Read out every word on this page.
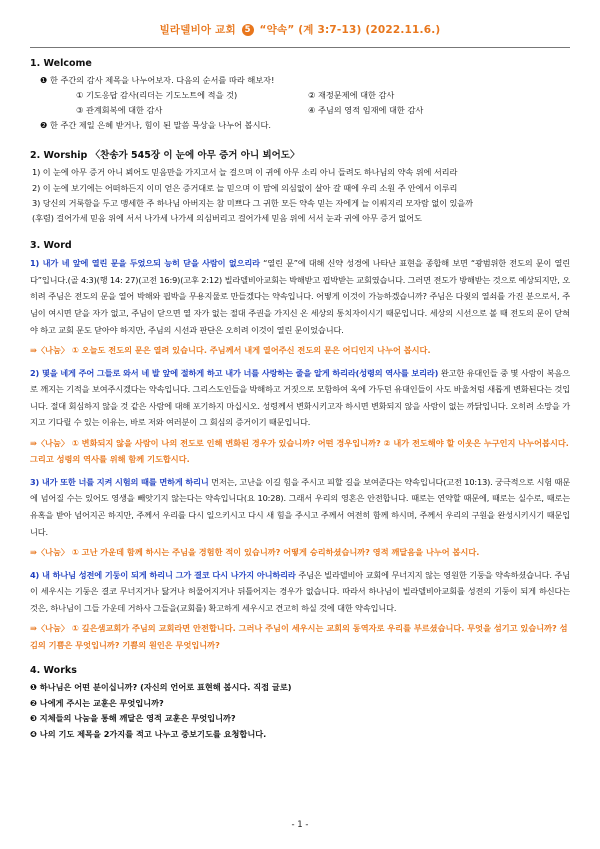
빌라델비아 교회 5 “약속” (계 3:7-13) (2022.11.6.)
1. Welcome
❶ 한 주간의 감사 제목을 나누어보자. 다음의 순서를 따라 해보자!
① 기도응답 감사(리더는 기도노트에 적을 것)	② 재정문제에 대한 감사
③ 관계회복에 대한 감사	④ 주님의 영적 임재에 대한 감사
❷ 한 주간 제일 은혜 받거나, 힘이 된 말씀 묵상을 나누어 봅시다.
2. Worship 〈찬송가 545장 이 눈에 아무 증거 아니 뵈어도〉
1) 이 눈에 아무 증거 아니 뵈어도 믿음만을 가지고서 늘 걸으며 이 귀에 아무 소리 아니 들려도 하나님의 약속 위에 서리라
2) 이 눈에 보기에는 어떠하든지 이미 얻은 증거대로 늘 믿으며 이 맘에 의심없이 살아 갈 때에 우리 소원 주 안에서 이루리
3) 당신의 거룩함을 두고 맹세한 주 하나님 아버지는 참 미쁘다 그 귀한 모든 약속 믿는 자에게 늘 이뤄지리 모자람 없이 있을까
(후렴) 걸어가세 믿음 위에 서서 나가세 나가세 의심버리고 걸어가세 믿음 위에 서서 눈과 귀에 아무 증거 없어도
3. Word
1) 내가 네 앞에 열린 문을 두었으되 능히 닫을 사람이 없으리라 “열린 문”에 대해 신약 성경에 나타난 표현을 종합해 보면 “광범위한 전도의 문이 열린다”입니다.(골 4:3)(행 14: 27)(고전 16:9)(고후 2:12) 빌라델비아교회는 박해받고 핍박받는 교회였습니다. 그러면 전도가 방해받는 것으로 예상되지만, 오히려 주님은 전도의 문을 열어 박해와 핍박을 무용지물로 만들겠다는 약속입니다. 어떻게 이것이 가능하겠습니까? 주님은 다윗의 열쇠를 가진 분으로서, 주님이 여시면 닫을 자가 없고, 주님이 닫으면 열 자가 없는 절대 주권을 가지신 온 세상의 통치자이시기 때문입니다. 세상의 시선으로 볼 때 전도의 문이 닫혀야 하고 교회 문도 닫아야 하지만, 주님의 시선과 판단은 오히려 이것이 열린 문이었습니다.
⇛〈나눔〉 ① 오늘도 전도의 문은 열려 있습니다. 주님께서 내게 열어주신 전도의 문은 어디인지 나누어 봅시다.
2) 몇을 네게 주어 그들로 와서 네 발 앞에 절하게 하고 내가 너를 사랑하는 줄을 알게 하리라(성령의 역사를 보리라) 완고한 유대인들 중 몇 사람이 복음으로 깨지는 기적을 보여주시겠다는 약속입니다. 그리스도인들을 박해하고 거짓으로 모함하여 옥에 가두던 유대인들이 사도 바울처럼 새롭게 변화된다는 것입니다. 절대 회심하지 않을 것 같은 사람에 대해 포기하지 마십시오. 성령께서 변화시키고자 하시면 변화되지 않을 사람이 없는 까닭입니다. 오히려 소망을 가지고 기다릴 수 있는 이유는, 바로 저와 여러분이 그 회심의 증거이기 때문입니다.
⇛〈나눔〉 ① 변화되지 않을 사람이 나의 전도로 인해 변화된 경우가 있습니까? 어떤 경우입니까? ② 내가 전도해야 할 이웃은 누구인지 나누어봅시다. 그리고 성령의 역사를 위해 함께 기도합시다.
3) 내가 또한 너를 지켜 시험의 때를 면하게 하리니 먼저는, 고난을 이길 힘을 주시고 피할 길을 보여준다는 약속입니다(고전 10:13). 궁극적으로 시험 때문에 넘어질 수는 있어도 영생을 빼앗기지 않는다는 약속입니다(요 10:28). 그래서 우리의 영혼은 안전합니다. 때로는 연약할 때문에, 때로는 실수로, 때로는 유혹을 받아 넘어지곤 하지만, 주께서 우리를 다시 일으키시고 다시 새 힘을 주시고 주께서 여전히 함께 하시며, 주께서 우리의 구원을 완성시키시기 때문입니다.
⇛〈나눔〉 ① 고난 가운데 함께 하시는 주님을 경험한 적이 있습니까? 어떻게 승리하셨습니까? 영적 깨달음을 나누어 봅시다.
4) 내 하나님 성전에 기둥이 되게 하리니 그가 결코 다시 나가지 아니하리라 주님은 빌라델비아 교회에 무너지지 않는 영원한 기둥을 약속하셨습니다. 주님이 세우시는 기둥은 결코 무너지거나 닳거나 허물어지거나 뒤틀어지는 경우가 없습니다. 따라서 하나님이 빌라델비아교회를 성전의 기둥이 되게 하신다는 것은, 하나님이 그들 가운데 거하사 그들을(교회를) 확고하게 세우시고 견고히 하실 것에 대한 약속입니다.
⇛〈나눔〉 ① 깊은샘교회가 주님의 교회라면 안전합니다. 그러나 주님이 세우시는 교회의 동역자로 우리를 부르셨습니다. 무엇을 섬기고 있습니까? 섬김의 기쁨은 무엇입니까? 기쁨의 원인은 무엇입니까?
4. Works
❶ 하나님은 어떤 분이십니까? (자신의 언어로 표현해 봅시다. 직접 글로)
❷ 나에게 주시는 교훈은 무엇입니까?
❸ 지체들의 나눔을 통해 깨달은 영적 교훈은 무엇입니까?
❹ 나의 기도 제목을 2가지를 적고 나누고 중보기도를 요청합니다.
- 1 -
